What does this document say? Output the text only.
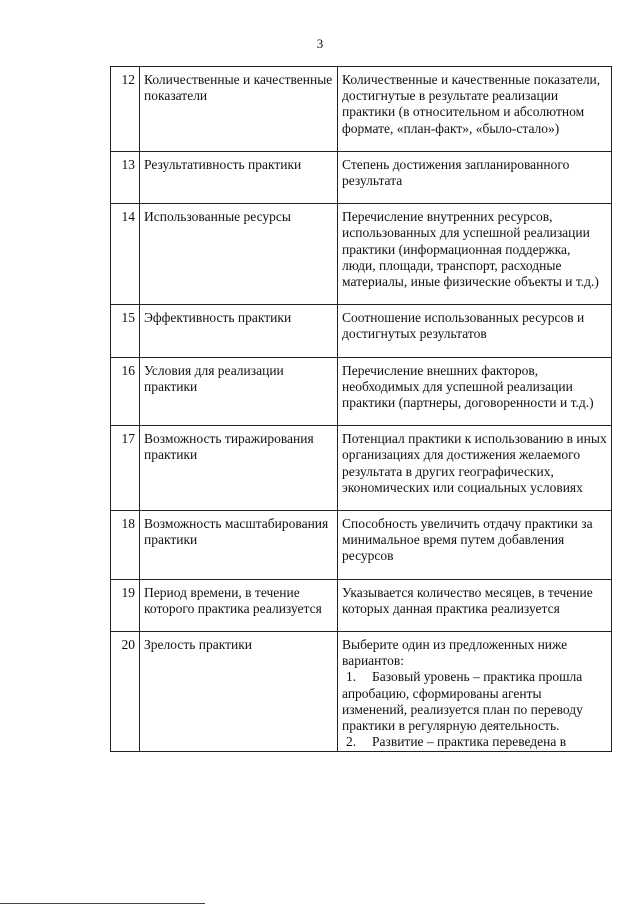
3
12	Количественные и качественные показатели	Количественные и качественные показатели, достигнутые в результате реализации практики (в относительном и абсолютном формате, «план-факт», «было-стало»)
13	Результативность практики	Степень достижения запланированного результата
14	Использованные ресурсы	Перечисление внутренних ресурсов, использованных для успешной реализации практики (информационная поддержка, люди, площади, транспорт, расходные материалы, иные физические объекты и т.д.)
15	Эффективность практики	Соотношение использованных ресурсов и достигнутых результатов
16	Условия для реализации практики	Перечисление внешних факторов, необходимых для успешной реализации практики (партнеры, договоренности и т.д.)
17	Возможность тиражирования практики	Потенциал практики к использованию в иных организациях для достижения желаемого результата в других географических, экономических или социальных условиях
18	Возможность масштабирования практики	Способность увеличить отдачу практики за минимальное время путем добавления ресурсов
19	Период времени, в течение которого практика реализуется	Указывается количество месяцев, в течение которых данная практика реализуется
20	Зрелость практики	Выберите один из предложенных ниже вариантов:
1. Базовый уровень – практика прошла апробацию, сформированы агенты изменений, реализуется план по переводу практики в регулярную деятельность.
2. Развитие – практика переведена в
